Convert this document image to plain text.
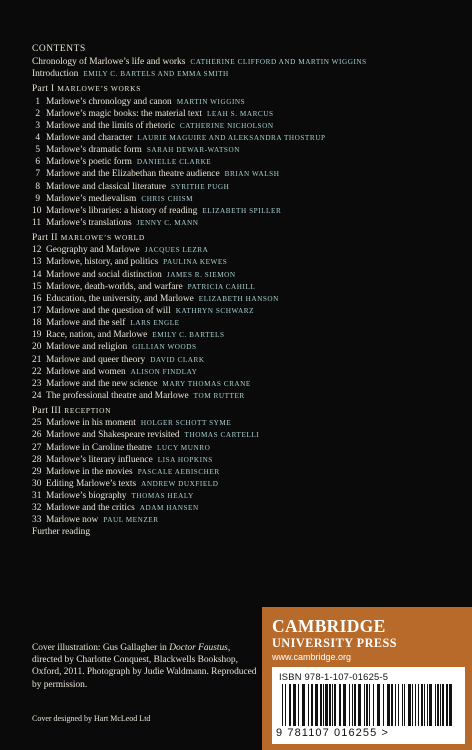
CONTENTS
Chronology of Marlowe’s life and works CATHERINE CLIFFORD AND MARTIN WIGGINS
Introduction EMILY C. BARTELS AND EMMA SMITH
Part I MARLOWE’S WORKS
1 Marlowe’s chronology and canon MARTIN WIGGINS
2 Marlowe’s magic books: the material text LEAH S. MARCUS
3 Marlowe and the limits of rhetoric CATHERINE NICHOLSON
4 Marlowe and character LAURIE MAGUIRE AND ALEKSANDRA THOSTRUP
5 Marlowe’s dramatic form SARAH DEWAR-WATSON
6 Marlowe’s poetic form DANIELLE CLARKE
7 Marlowe and the Elizabethan theatre audience BRIAN WALSH
8 Marlowe and classical literature SYRITHE PUGH
9 Marlowe’s medievalism CHRIS CHISM
10 Marlowe’s libraries: a history of reading ELIZABETH SPILLER
11 Marlowe’s translations JENNY C. MANN
Part II MARLOWE’S WORLD
12 Geography and Marlowe JACQUES LEZRA
13 Marlowe, history, and politics PAULINA KEWES
14 Marlowe and social distinction JAMES R. SIEMON
15 Marlowe, death-worlds, and warfare PATRICIA CAHILL
16 Education, the university, and Marlowe ELIZABETH HANSON
17 Marlowe and the question of will KATHRYN SCHWARZ
18 Marlowe and the self LARS ENGLE
19 Race, nation, and Marlowe EMILY C. BARTELS
20 Marlowe and religion GILLIAN WOODS
21 Marlowe and queer theory DAVID CLARK
22 Marlowe and women ALISON FINDLAY
23 Marlowe and the new science MARY THOMAS CRANE
24 The professional theatre and Marlowe TOM RUTTER
Part III RECEPTION
25 Marlowe in his moment HOLGER SCHOTT SYME
26 Marlowe and Shakespeare revisited THOMAS CARTELLI
27 Marlowe in Caroline theatre LUCY MUNRO
28 Marlowe’s literary influence LISA HOPKINS
29 Marlowe in the movies PASCALE AEBISCHER
30 Editing Marlowe’s texts ANDREW DUXFIELD
31 Marlowe’s biography THOMAS HEALY
32 Marlowe and the critics ADAM HANSEN
33 Marlowe now PAUL MENZER
Further reading
Cover illustration: Gus Gallagher in Doctor Faustus, directed by Charlotte Conquest, Blackwells Bookshop, Oxford, 2011. Photograph by Judie Waldmann. Reproduced by permission.
Cover designed by Hart McLeod Ltd
CAMBRIDGE
UNIVERSITY PRESS
www.cambridge.org
ISBN 978-1-107-01625-5
9 781107 016255 >
